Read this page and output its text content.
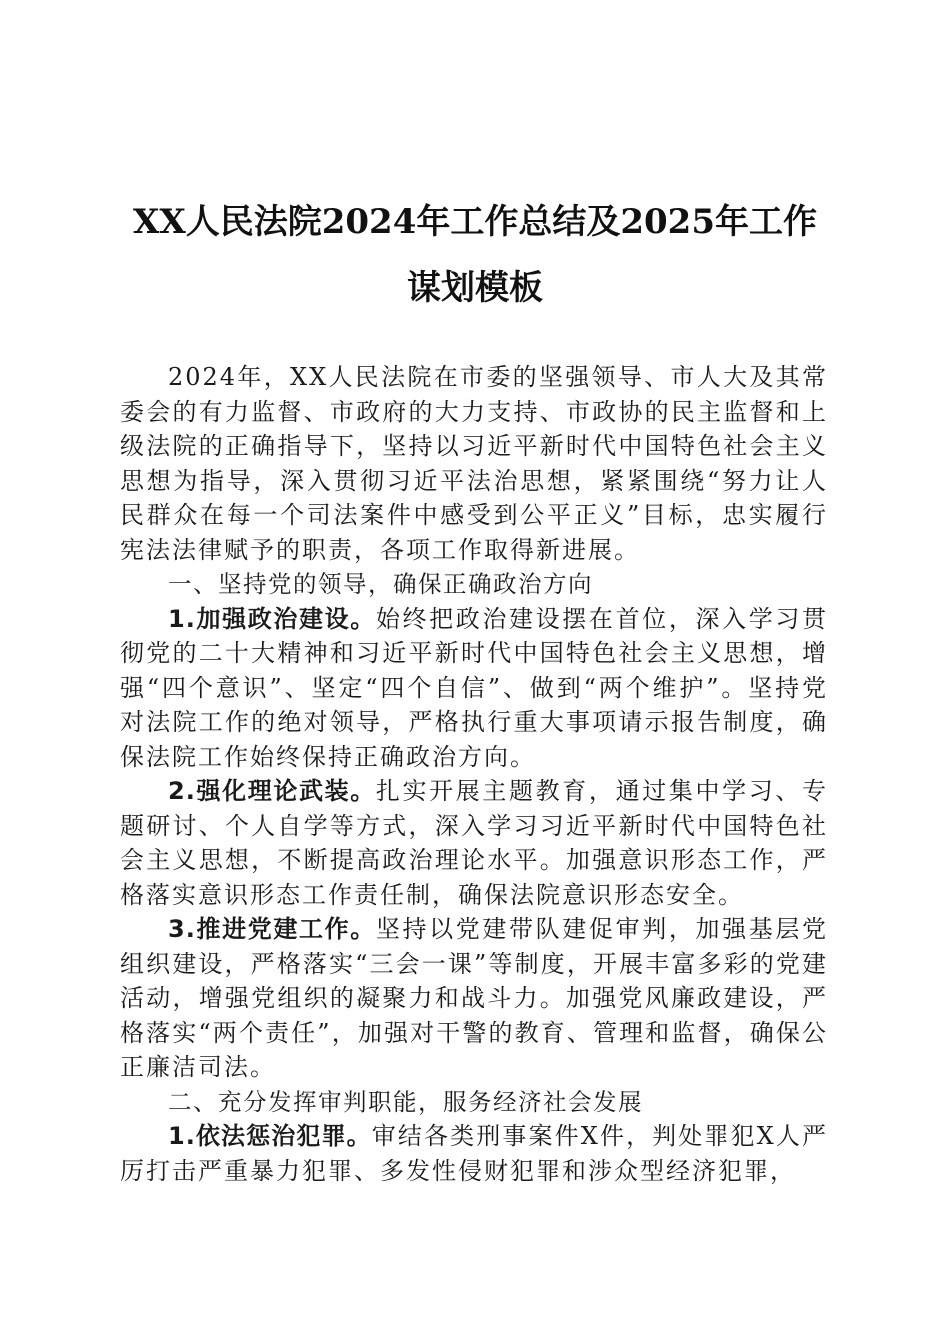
XX人民法院2024年工作总结及2025年工作
谋划模板

2024年，XX人民法院在市委的坚强领导、市人大及其常委会的有力监督、市政府的大力支持、市政协的民主监督和上级法院的正确指导下，坚持以习近平新时代中国特色社会主义思想为指导，深入贯彻习近平法治思想，紧紧围绕“努力让人民群众在每一个司法案件中感受到公平正义”目标，忠实履行宪法法律赋予的职责，各项工作取得新进展。

一、坚持党的领导，确保正确政治方向

1.加强政治建设。始终把政治建设摆在首位，深入学习贯彻党的二十大精神和习近平新时代中国特色社会主义思想，增强“四个意识”、坚定“四个自信”、做到“两个维护”。坚持党对法院工作的绝对领导，严格执行重大事项请示报告制度，确保法院工作始终保持正确政治方向。

2.强化理论武装。扎实开展主题教育，通过集中学习、专题研讨、个人自学等方式，深入学习习近平新时代中国特色社会主义思想，不断提高政治理论水平。加强意识形态工作，严格落实意识形态工作责任制，确保法院意识形态安全。

3.推进党建工作。坚持以党建带队建促审判，加强基层党组织建设，严格落实“三会一课”等制度，开展丰富多彩的党建活动，增强党组织的凝聚力和战斗力。加强党风廉政建设，严格落实“两个责任”，加强对干警的教育、管理和监督，确保公正廉洁司法。

二、充分发挥审判职能，服务经济社会发展

1.依法惩治犯罪。审结各类刑事案件X件，判处罪犯X人严厉打击严重暴力犯罪、多发性侵财犯罪和涉众型经济犯罪，
